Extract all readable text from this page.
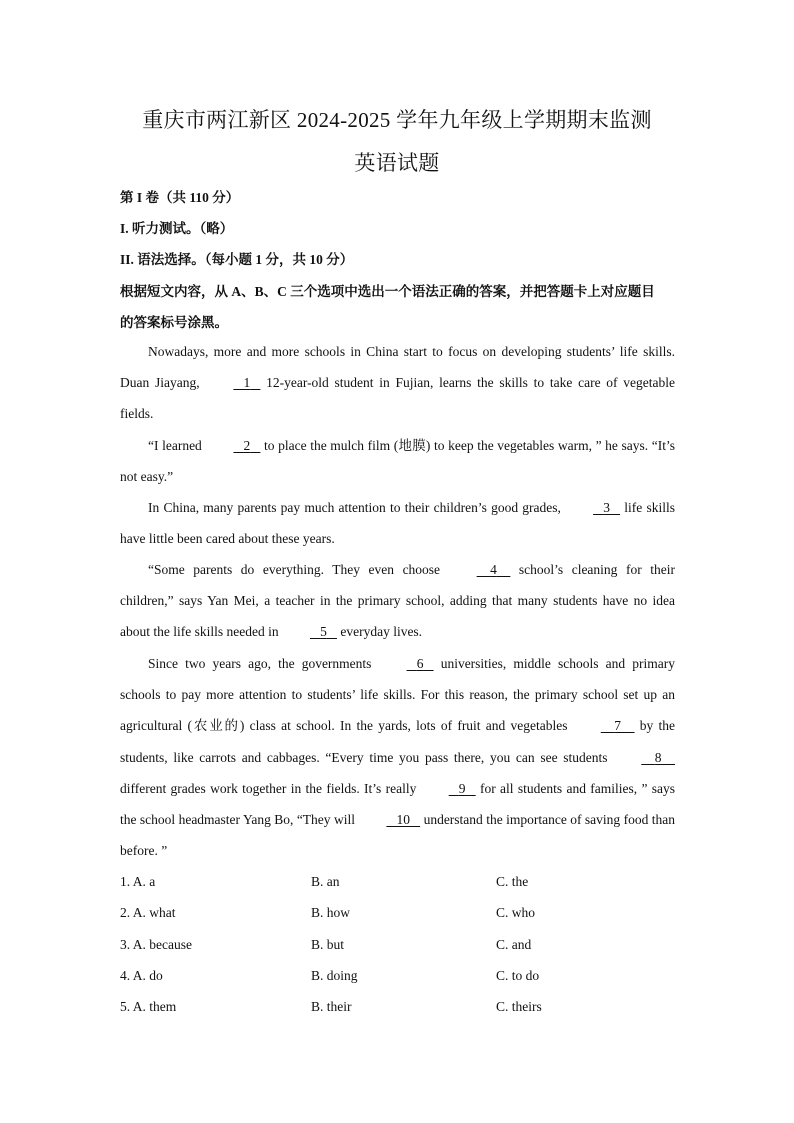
重庆市两江新区 2024-2025 学年九年级上学期期末监测
英语试题
第 I 卷（共 110 分）
I. 听力测试。（略）
II. 语法选择。（每小题 1 分，共 10 分）
根据短文内容，从 A、B、C 三个选项中选出一个语法正确的答案，并把答题卡上对应题目
的答案标号涂黑。
Nowadays, more and more schools in China start to focus on developing students’ life skills. Duan Jiayang,	1 12-year-old student in Fujian, learns the skills to take care of vegetable fields.
“I learned	2 to place the mulch film (地膜) to keep the vegetables warm, ” he says. “It’s not easy.”
In China, many parents pay much attention to their children’s good grades,	3 life skills have little been cared about these years.
“Some parents do everything. They even choose	4 school’s cleaning for their children,” says Yan Mei, a teacher in the primary school, adding that many students have no idea about the life skills needed in	5 everyday lives.
Since two years ago, the governments	6 universities, middle schools and primary schools to pay more attention to students’ life skills. For this reason, the primary school set up an agricultural (农业的) class at school. In the yards, lots of fruit and vegetables	7 by the students, like carrots and cabbages. “Every time you pass there, you can see students	8     different grades work together in the fields. It’s really	9 for all students and families, ” says the school headmaster Yang Bo, “They will	10 understand the importance of saving food than before. ”
1. A. a	B. an	C. the
2. A. what	B. how	C. who
3. A. because	B. but	C. and
4. A. do	B. doing	C. to do
5. A. them	B. their	C. theirs
